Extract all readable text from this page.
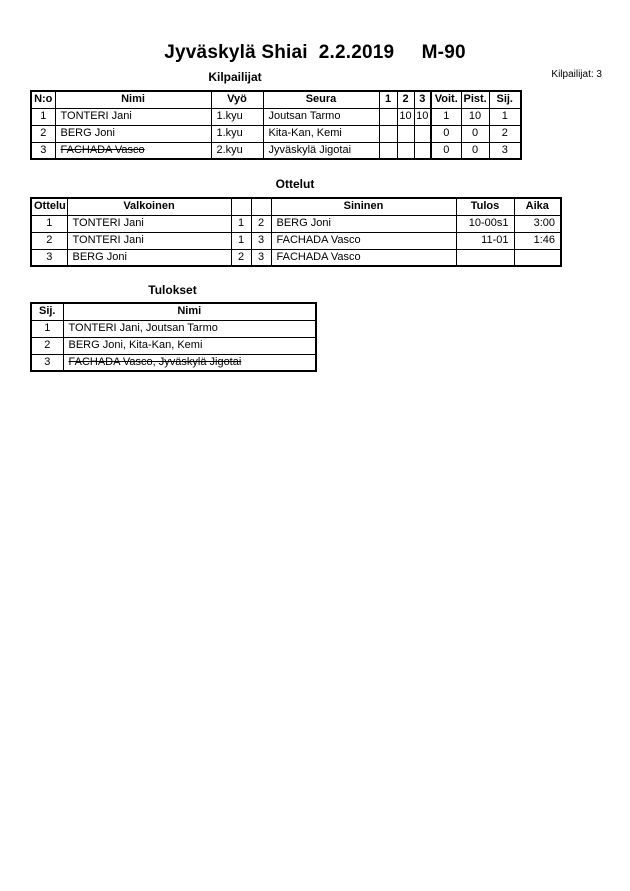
Jyväskylä Shiai  2.2.2019     M-90
Kilpailijat: 3
Kilpailijat
N:o	Nimi	Vyö	Seura	1	2	3	Voit.	Pist.	Sij.
1	TONTERI Jani	1.kyu	Joutsan Tarmo		10	10	1	10	1
2	BERG Joni	1.kyu	Kita-Kan, Kemi				0	0	2
3	FACHADA Vasco	2.kyu	Jyväskylä Jigotai				0	0	3
Ottelut
Ottelu	Valkoinen			Sininen	Tulos	Aika
1	TONTERI Jani	1	2	BERG Joni	10-00s1	3:00
2	TONTERI Jani	1	3	FACHADA Vasco	11-01	1:46
3	BERG Joni	2	3	FACHADA Vasco		
Tulokset
Sij.	Nimi
1	TONTERI Jani, Joutsan Tarmo
2	BERG Joni, Kita-Kan, Kemi
3	FACHADA Vasco, Jyväskylä Jigotai
